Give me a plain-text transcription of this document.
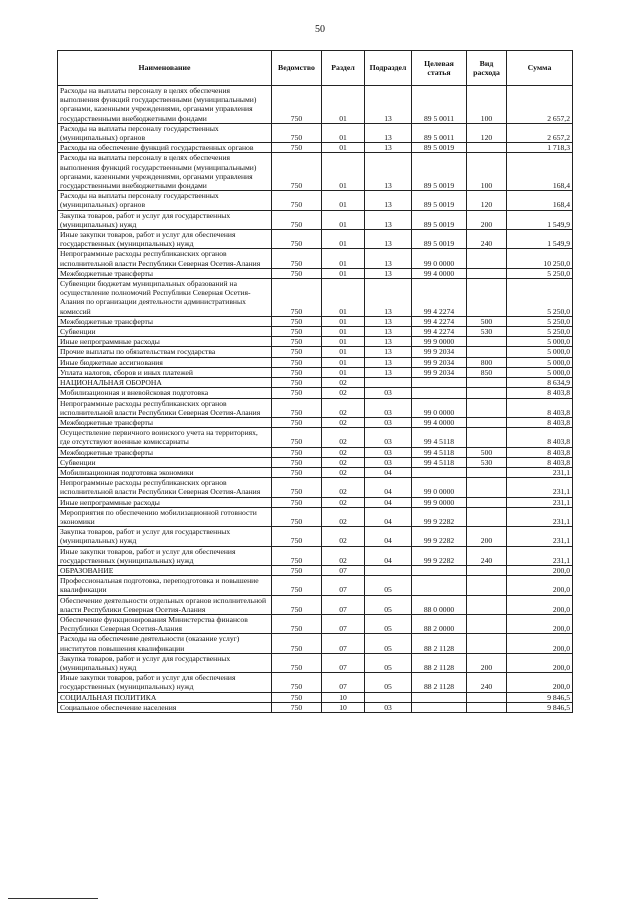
50
Наименование	Ведомство	Раздел	Подраздел	Целевая статья	Вид расхода	Сумма
Расходы на выплаты персоналу в целях обеспечения выполнения функций государственными (муниципальными) органами, казенными учреждениями, органами управления государственными внебюджетными фондами	750	01	13	89 5 0011	100	2 657,2
Расходы на выплаты персоналу государственных (муниципальных) органов	750	01	13	89 5 0011	120	2 657,2
Расходы на обеспечение функций государственных органов	750	01	13	89 5 0019		1 718,3
Расходы на выплаты персоналу в целях обеспечения выполнения функций государственными (муниципальными) органами, казенными учреждениями, органами управления государственными внебюджетными фондами	750	01	13	89 5 0019	100	168,4
Расходы на выплаты персоналу государственных (муниципальных) органов	750	01	13	89 5 0019	120	168,4
Закупка товаров, работ и услуг для государственных (муниципальных) нужд	750	01	13	89 5 0019	200	1 549,9
Иные закупки товаров, работ и услуг для обеспечения государственных (муниципальных) нужд	750	01	13	89 5 0019	240	1 549,9
Непрограммные расходы республиканских органов исполнительной власти Республики Северная Осетия-Алания	750	01	13	99 0 0000		10 250,0
Межбюджетные трансферты	750	01	13	99 4 0000		5 250,0
Субвенции бюджетам муниципальных образований на осуществление полномочий Республики Северная Осетия-Алания по организации деятельности административных комиссий	750	01	13	99 4 2274		5 250,0
Межбюджетные трансферты	750	01	13	99 4 2274	500	5 250,0
Субвенции	750	01	13	99 4 2274	530	5 250,0
Иные непрограммные расходы	750	01	13	99 9 0000		5 000,0
Прочие выплаты по обязательствам государства	750	01	13	99 9 2034		5 000,0
Иные бюджетные ассигнования	750	01	13	99 9 2034	800	5 000,0
Уплата налогов, сборов и иных платежей	750	01	13	99 9 2034	850	5 000,0
НАЦИОНАЛЬНАЯ ОБОРОНА	750	02				8 634,9
Мобилизационная и вневойсковая подготовка	750	02	03			8 403,8
Непрограммные расходы республиканских органов исполнительной власти Республики Северная Осетия-Алания	750	02	03	99 0 0000		8 403,8
Межбюджетные трансферты	750	02	03	99 4 0000		8 403,8
Осуществление первичного воинского учета на территориях, где отсутствуют военные комиссариаты	750	02	03	99 4 5118		8 403,8
Межбюджетные трансферты	750	02	03	99 4 5118	500	8 403,8
Субвенции	750	02	03	99 4 5118	530	8 403,8
Мобилизационная подготовка экономики	750	02	04			231,1
Непрограммные расходы республиканских органов исполнительной власти Республики Северная Осетия-Алания	750	02	04	99 0 0000		231,1
Иные непрограммные расходы	750	02	04	99 9 0000		231,1
Мероприятия по обеспечению мобилизационной готовности экономики	750	02	04	99 9 2282		231,1
Закупка товаров, работ и услуг для государственных (муниципальных) нужд	750	02	04	99 9 2282	200	231,1
Иные закупки товаров, работ и услуг для обеспечения государственных (муниципальных) нужд	750	02	04	99 9 2282	240	231,1
ОБРАЗОВАНИЕ	750	07				200,0
Профессиональная подготовка, переподготовка и повышение квалификации	750	07	05			200,0
Обеспечение деятельности отдельных органов исполнительной власти Республики Северная Осетия-Алания	750	07	05	88 0 0000		200,0
Обеспечение функционирования Министерства финансов Республики Северная Осетия-Алания	750	07	05	88 2 0000		200,0
Расходы на обеспечение деятельности (оказание услуг) институтов повышения квалификации	750	07	05	88 2 1128		200,0
Закупка товаров, работ и услуг для государственных (муниципальных) нужд	750	07	05	88 2 1128	200	200,0
Иные закупки товаров, работ и услуг для обеспечения государственных (муниципальных) нужд	750	07	05	88 2 1128	240	200,0
СОЦИАЛЬНАЯ ПОЛИТИКА	750	10				9 846,5
Социальное обеспечение населения	750	10	03			9 846,5
